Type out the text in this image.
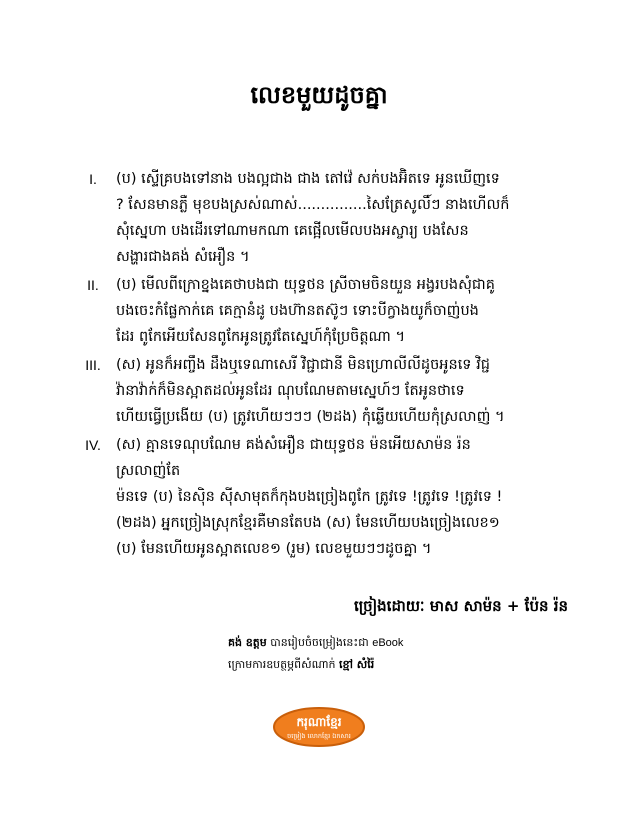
លេខមួយដូចគ្នា
I.	(ប) ស្ទើគ្របងទៅនាង បងល្អជាង ជាង តៅវ៉េ សក់បងអ៊ិតទេ អូនឃើញទេ
? សែនមានភ្លឺ មុខបងស្រស់ណាស់...............សៃត្រែសូលិ៍ៗ នាងហើលក៏
សុំស្នេហា បងដើរទៅណាមកណា គេផ្អើលមើលបងអស្ចារ្យ បងសែន
សង្ហារជាងគង់ សំអឿន ។
II.	(ប) មើលពីក្រោខ្នងគេថាបងជា យុទ្ធថន ស្រីចាមចិនយួន អង្វរបងសុំជាគូ
បងចេះកំផ្លែកាក់គេ គេក្មានំដូ បងហ៊ានតស៊ូៗ ទោះបីក្វាងយូក៏ចាញ់បង
ដែរ ពូកែអើយសែនពូកែអូនត្រូវតែស្នេហ៍កុំប្រែចិត្តណា ។
III.	(ស) អូនក៏អញ្ចឹង ដឹងឬទេណាសេរី វិជ្ជាជានី មិនហ្រោលីលីដូចអូនទេ វិជ្ជ
វ៉ានាវ៉ាក់ក៏មិនស្អាតដល់អូនដែរ ណុបណែមតាមស្នេហ៍ៗ តែអូនថាទេ
ហើយធ្វើប្រងើយ (ប) ត្រូវហើយៗៗៗ (២ដង) កុំឆ្លើយហើយកុំស្រលាញ់ ។
IV.	(ស) គ្មានទេណុបណែម គង់សំអឿន ជាយុទ្ធថន ម៉នអើយសាម៉ន រ៉ន
ស្រលាញ់តែ
ម៉នទេ (ប) នៃស៊ិន ស៊ីសាមុតក៏កុងបងច្រៀងពូកែ ត្រូវទេ !ត្រូវទេ !ត្រូវទេ !
(២ដង) អ្នកច្រៀងស្រុកខ្មែរគឺមានតែបង (ស) មែនហើយបងច្រៀងលេខ១
(ប) មែនហើយអូនស្អាតលេខ១ (រួម) លេខមួយៗៗដូចគ្នា ។
ច្រៀងដោយៈ មាស សាម៉ន + ប៉ែន រ៉ន
គង់ ឧត្តម បានរៀបចំចម្រៀងនេះជា eBook
ក្រោមការឧបត្ថម្ភពីសំណាក់ ខ្មៅ សំរ៉ៃ
ករុណាខ្មែរ
ចម្រៀង លោកខ្មែរ ឯកសារ
